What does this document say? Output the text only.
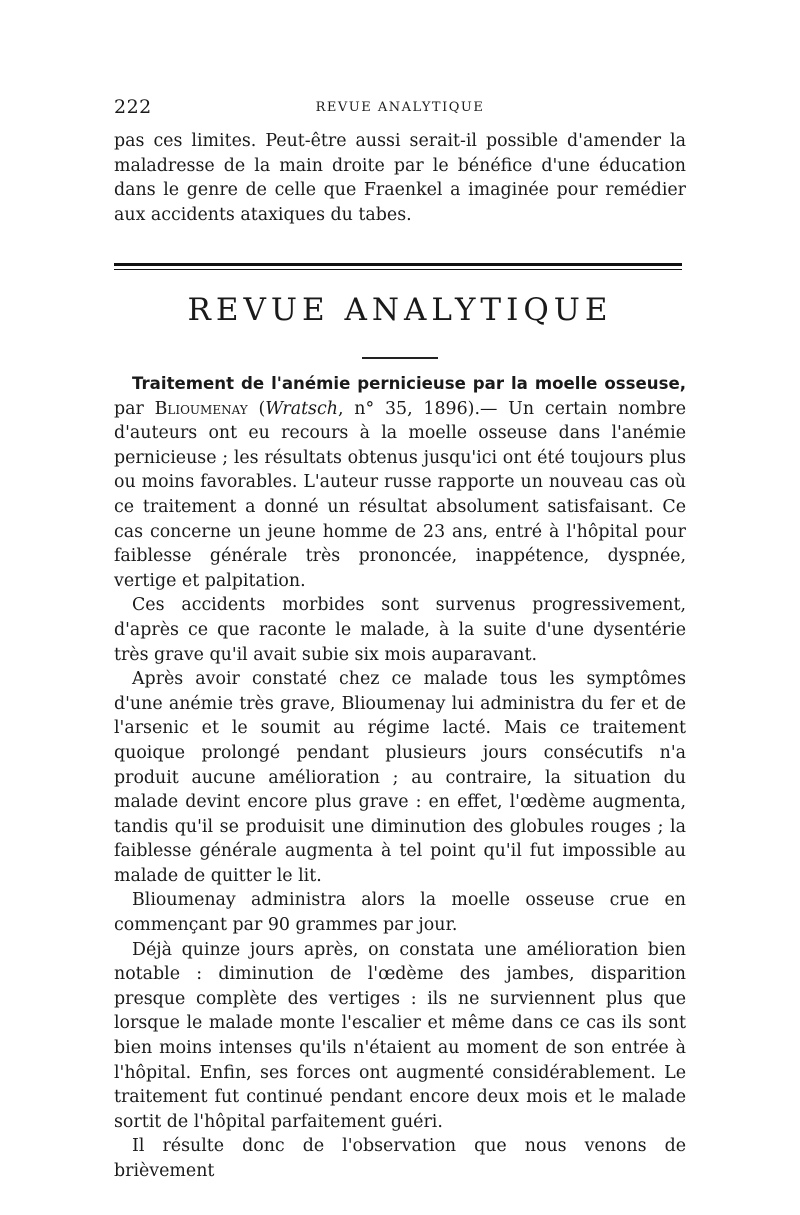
222	REVUE ANALYTIQUE

pas ces limites. Peut-être aussi serait-il possible d'amender la maladresse de la main droite par le bénéfice d'une éducation dans le genre de celle que Fraenkel a imaginée pour remédier aux accidents ataxiques du tabes.

REVUE ANALYTIQUE

Traitement de l'anémie pernicieuse par la moelle osseuse, par Blioumenay (Wratsch, n° 35, 1896).— Un certain nombre d'auteurs ont eu recours à la moelle osseuse dans l'anémie pernicieuse ; les résultats obtenus jusqu'ici ont été toujours plus ou moins favorables. L'auteur russe rapporte un nouveau cas où ce traitement a donné un résultat absolument satisfaisant. Ce cas concerne un jeune homme de 23 ans, entré à l'hôpital pour faiblesse générale très prononcée, inappétence, dyspnée, vertige et palpitation.

Ces accidents morbides sont survenus progressivement, d'après ce que raconte le malade, à la suite d'une dysentérie très grave qu'il avait subie six mois auparavant.

Après avoir constaté chez ce malade tous les symptômes d'une anémie très grave, Blioumenay lui administra du fer et de l'arsenic et le soumit au régime lacté. Mais ce traitement quoique prolongé pendant plusieurs jours consécutifs n'a produit aucune amélioration ; au contraire, la situation du malade devint encore plus grave : en effet, l'œdème augmenta, tandis qu'il se produisit une diminution des globules rouges ; la faiblesse générale augmenta à tel point qu'il fut impossible au malade de quitter le lit.

Blioumenay administra alors la moelle osseuse crue en commençant par 90 grammes par jour.

Déjà quinze jours après, on constata une amélioration bien notable : diminution de l'œdème des jambes, disparition presque complète des vertiges : ils ne surviennent plus que lorsque le malade monte l'escalier et même dans ce cas ils sont bien moins intenses qu'ils n'étaient au moment de son entrée à l'hôpital. Enfin, ses forces ont augmenté considérablement. Le traitement fut continué pendant encore deux mois et le malade sortit de l'hôpital parfaitement guéri.

Il résulte donc de l'observation que nous venons de brièvement
